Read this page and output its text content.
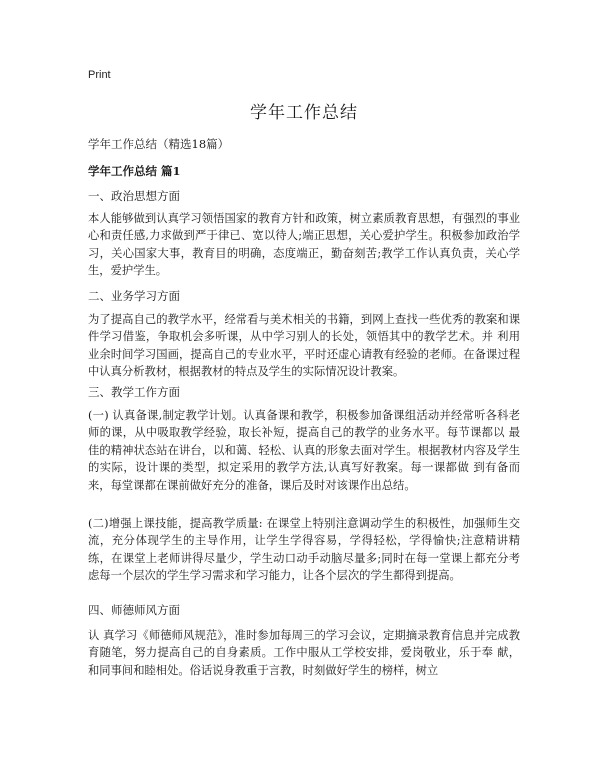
Print
学年工作总结

学年工作总结（精选18篇）

学年工作总结 篇1

一、政治思想方面

本人能够做到认真学习领悟国家的教育方针和政策，树立素质教育思想，有强烈的事业心和责任感,力求做到严于律已、宽以待人;端正思想，关心爱护学生。积极参加政治学习，关心国家大事，教育目的明确，态度端正，勤奋刻苦;教学工作认真负责，关心学生，爱护学生。

二、业务学习方面

为了提高自己的教学水平，经常看与美术相关的书籍，到网上查找一些优秀的教案和课件学习借鉴，争取机会多听课，从中学习别人的长处，领悟其中的教学艺术。并 利用业余时间学习国画，提高自己的专业水平，平时还虚心请教有经验的老师。在备课过程中认真分析教材，根据教材的特点及学生的实际情况设计教案。

三、教学工作方面

(一) 认真备课,制定教学计划。认真备课和教学，积极参加备课组活动并经常听各科老师的课，从中吸取教学经验，取长补短，提高自己的教学的业务水平。每节课都以 最佳的精神状态站在讲台，以和蔼、轻松、认真的形象去面对学生。根据教材内容及学生的实际，设计课的类型，拟定采用的教学方法,认真写好教案。每一课都做 到有备而来，每堂课都在课前做好充分的准备，课后及时对该课作出总结。

(二)增强上课技能，提高教学质量: 在课堂上特别注意调动学生的积极性，加强师生交流，充分体现学生的主导作用，让学生学得容易，学得轻松，学得愉快;注意精讲精练，在课堂上老师讲得尽量少，学生动口动手动脑尽量多;同时在每一堂课上都充分考虑每一个层次的学生学习需求和学习能力，让各个层次的学生都得到提高。

四、师德师风方面

认 真学习《师德师风规范》，准时参加每周三的学习会议，定期摘录教育信息并完成教育随笔，努力提高自己的自身素质。工作中服从工学校安排，爱岗敬业，乐于奉 献，和同事间和睦相处。俗话说身教重于言教，时刻做好学生的榜样，树立
